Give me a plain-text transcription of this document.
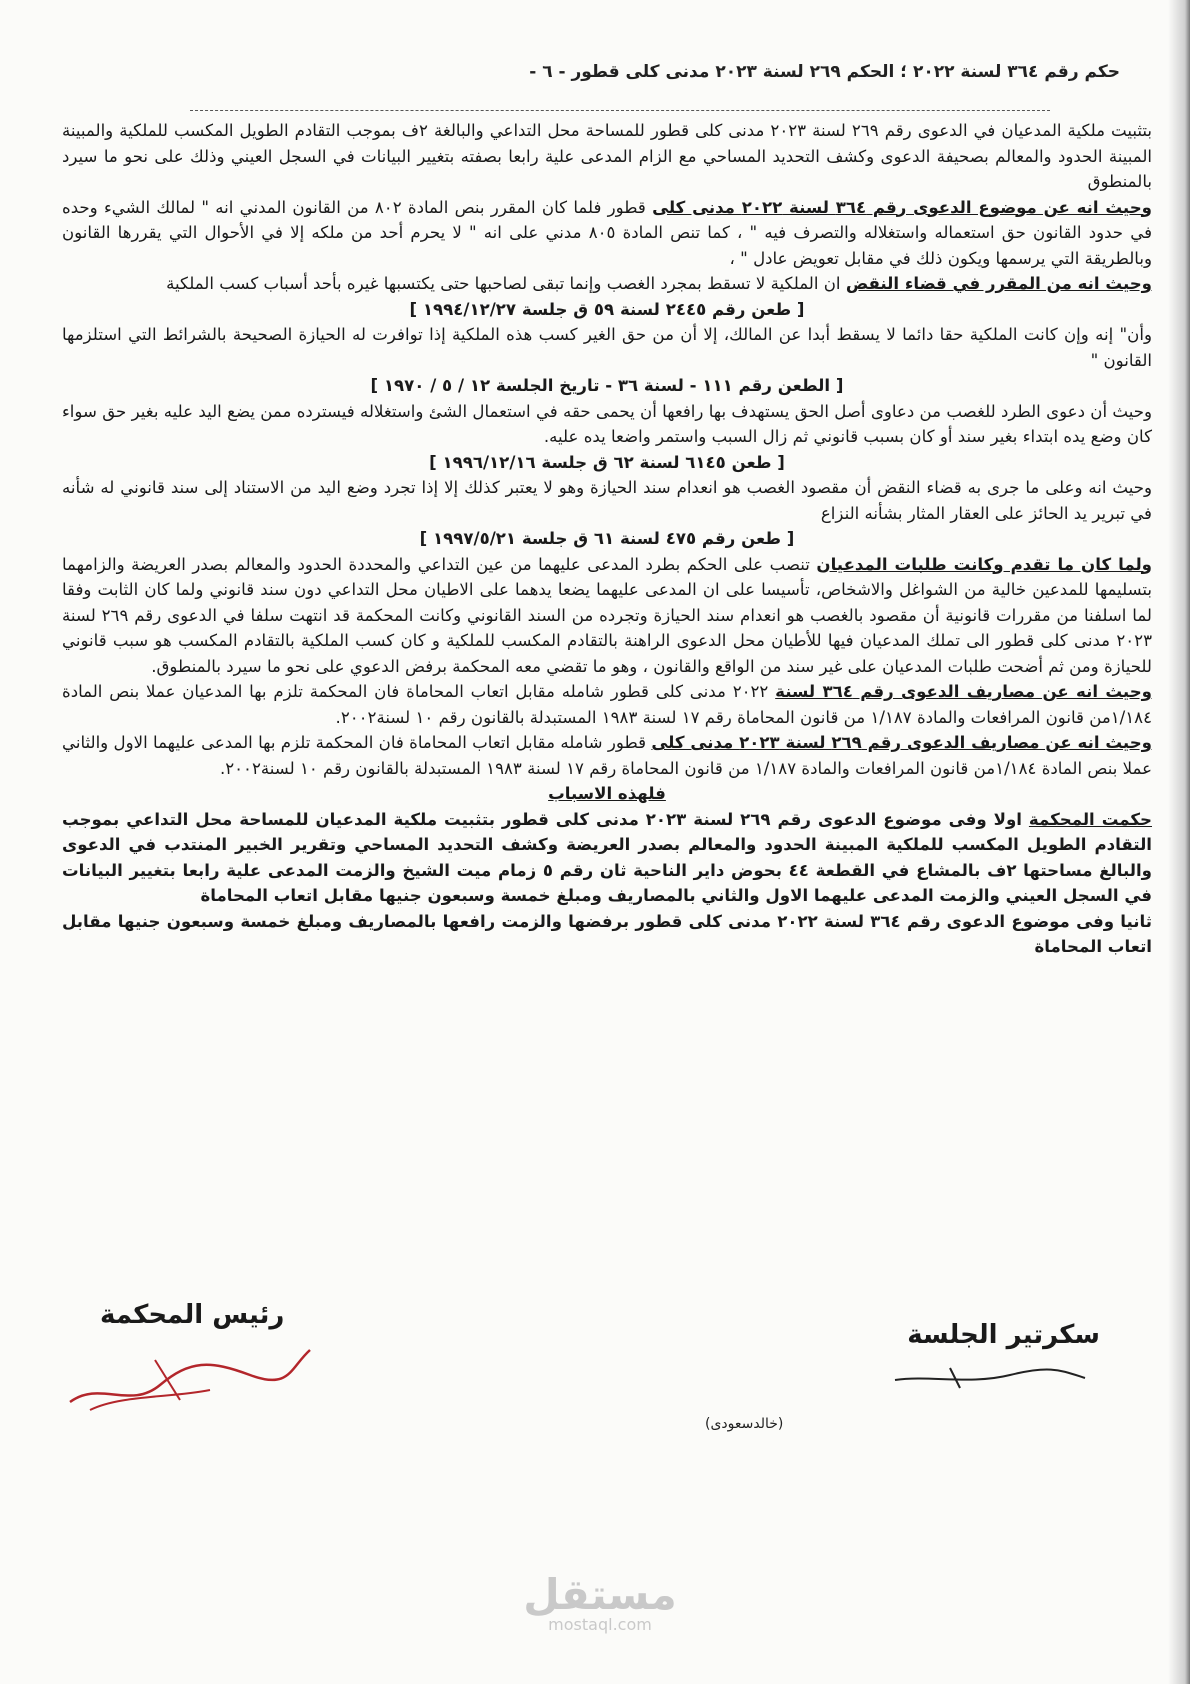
حكم رقم ٣٦٤ لسنة ٢٠٢٢ ؛ الحكم ٢٦٩ لسنة ٢٠٢٣ مدنى كلى قطور - ٦ -

بتثبيت ملكية المدعيان في الدعوى رقم ٢٦٩ لسنة ٢٠٢٣ مدنى كلى قطور للمساحة محل التداعي والبالغة ٢ف بموجب التقادم الطويل المكسب للملكية والمبينة المبينة الحدود والمعالم بصحيفة الدعوى وكشف التحديد المساحي مع الزام المدعى علية رابعا بصفته بتغيير البيانات في السجل العيني وذلك على نحو ما سيرد بالمنطوق

وحيث انه عن موضوع الدعوى رقم ٣٦٤ لسنة ٢٠٢٢ مدنى كلى قطور فلما كان المقرر بنص المادة ٨٠٢ من القانون المدني انه " لمالك الشيء وحده في حدود القانون حق استعماله واستغلاله والتصرف فيه " ، كما تنص المادة ٨٠٥ مدني على انه " لا يحرم أحد من ملكه إلا في الأحوال التي يقررها القانون وبالطريقة التي يرسمها ويكون ذلك في مقابل تعويض عادل " ،

وحيث انه من المقرر في قضاء النقض ان الملكية لا تسقط بمجرد الغصب وإنما تبقى لصاحبها حتى يكتسبها غيره بأحد أسباب كسب الملكية

[ طعن رقم ٢٤٤٥ لسنة ٥٩ ق جلسة ١٩٩٤/١٢/٢٧ ]

وأن" إنه وإن كانت الملكية حقا دائما لا يسقط أبدا عن المالك، إلا أن من حق الغير كسب هذه الملكية إذا توافرت له الحيازة الصحيحة بالشرائط التي استلزمها القانون "

[ الطعن رقم ١١١ - لسنة ٣٦ - تاريخ الجلسة ١٢ / ٥ / ١٩٧٠ ]

وحيث أن دعوى الطرد للغصب من دعاوى أصل الحق يستهدف بها رافعها أن يحمى حقه في استعمال الشئ واستغلاله فيسترده ممن يضع اليد عليه بغير حق سواء كان وضع يده ابتداء بغير سند أو كان بسبب قانوني ثم زال السبب واستمر واضعا يده عليه.

[ طعن ٦١٤٥ لسنة ٦٢ ق جلسة ١٩٩٦/١٢/١٦ ]

وحيث انه وعلى ما جرى به قضاء النقض أن مقصود الغصب هو انعدام سند الحيازة وهو لا يعتبر كذلك إلا إذا تجرد وضع اليد من الاستناد إلى سند قانوني له شأنه في تبرير يد الحائز على العقار المثار بشأنه النزاع

[ طعن رقم ٤٧٥ لسنة ٦١ ق جلسة ١٩٩٧/٥/٢١ ]

ولما كان ما تقدم وكانت طلبات المدعيان تنصب على الحكم بطرد المدعى عليهما من عين التداعي والمحددة الحدود والمعالم بصدر العريضة والزامهما بتسليمها للمدعين خالية من الشواغل والاشخاص، تأسيسا على ان المدعى عليهما يضعا يدهما على الاطيان محل التداعي دون سند قانوني ولما كان الثابت وفقا لما اسلفنا من مقررات قانونية أن مقصود بالغصب هو انعدام سند الحيازة وتجرده من السند القانوني وكانت المحكمة قد انتهت سلفا في الدعوى رقم ٢٦٩ لسنة ٢٠٢٣ مدنى كلى قطور الى تملك المدعيان فيها للأطيان محل الدعوى الراهنة بالتقادم المكسب للملكية و كان كسب الملكية بالتقادم المكسب هو سبب قانوني للحيازة ومن ثم أضحت طلبات المدعيان على غير سند من الواقع والقانون ، وهو ما تقضي معه المحكمة برفض الدعوي على نحو ما سيرد بالمنطوق.

وحيث انه عن مصاريف الدعوى رقم ٣٦٤ لسنة ٢٠٢٢ مدنى كلى قطور شامله مقابل اتعاب المحاماة فان المحكمة تلزم بها المدعيان عملا بنص المادة ١/١٨٤من قانون المرافعات والمادة ١/١٨٧ من قانون المحاماة رقم ١٧ لسنة ١٩٨٣ المستبدلة بالقانون رقم ١٠ لسنة٢٠٠٢.

وحيث انه عن مصاريف الدعوى رقم ٢٦٩ لسنة ٢٠٢٣ مدنى كلى قطور شامله مقابل اتعاب المحاماة فان المحكمة تلزم بها المدعى عليهما الاول والثاني عملا بنص المادة ١/١٨٤من قانون المرافعات والمادة ١/١٨٧ من قانون المحاماة رقم ١٧ لسنة ١٩٨٣ المستبدلة بالقانون رقم ١٠ لسنة٢٠٠٢.

فلهذه الاسباب

حكمت المحكمة اولا وفى موضوع الدعوى رقم ٢٦٩ لسنة ٢٠٢٣ مدنى كلى قطور بتثبيت ملكية المدعيان للمساحة محل التداعي بموجب التقادم الطويل المكسب للملكية المبينة الحدود والمعالم بصدر العريضة وكشف التحديد المساحي وتقرير الخبير المنتدب في الدعوى والبالغ مساحتها ٢ف بالمشاع في القطعة ٤٤ بحوض داير الناحية ثان رقم ٥ زمام ميت الشيخ والزمت المدعى علية رابعا بتغيير البيانات في السجل العيني والزمت المدعى عليهما الاول والثاني بالمصاريف ومبلغ خمسة وسبعون جنيها مقابل اتعاب المحاماة

ثانيا وفى موضوع الدعوى رقم ٣٦٤ لسنة ٢٠٢٢ مدنى كلى قطور برفضها والزمت رافعها بالمصاريف ومبلغ خمسة وسبعون جنيها مقابل اتعاب المحاماة

رئيس المحكمة
سكرتير الجلسة
(خالدسعودى)
مستقل
mostaql.com
